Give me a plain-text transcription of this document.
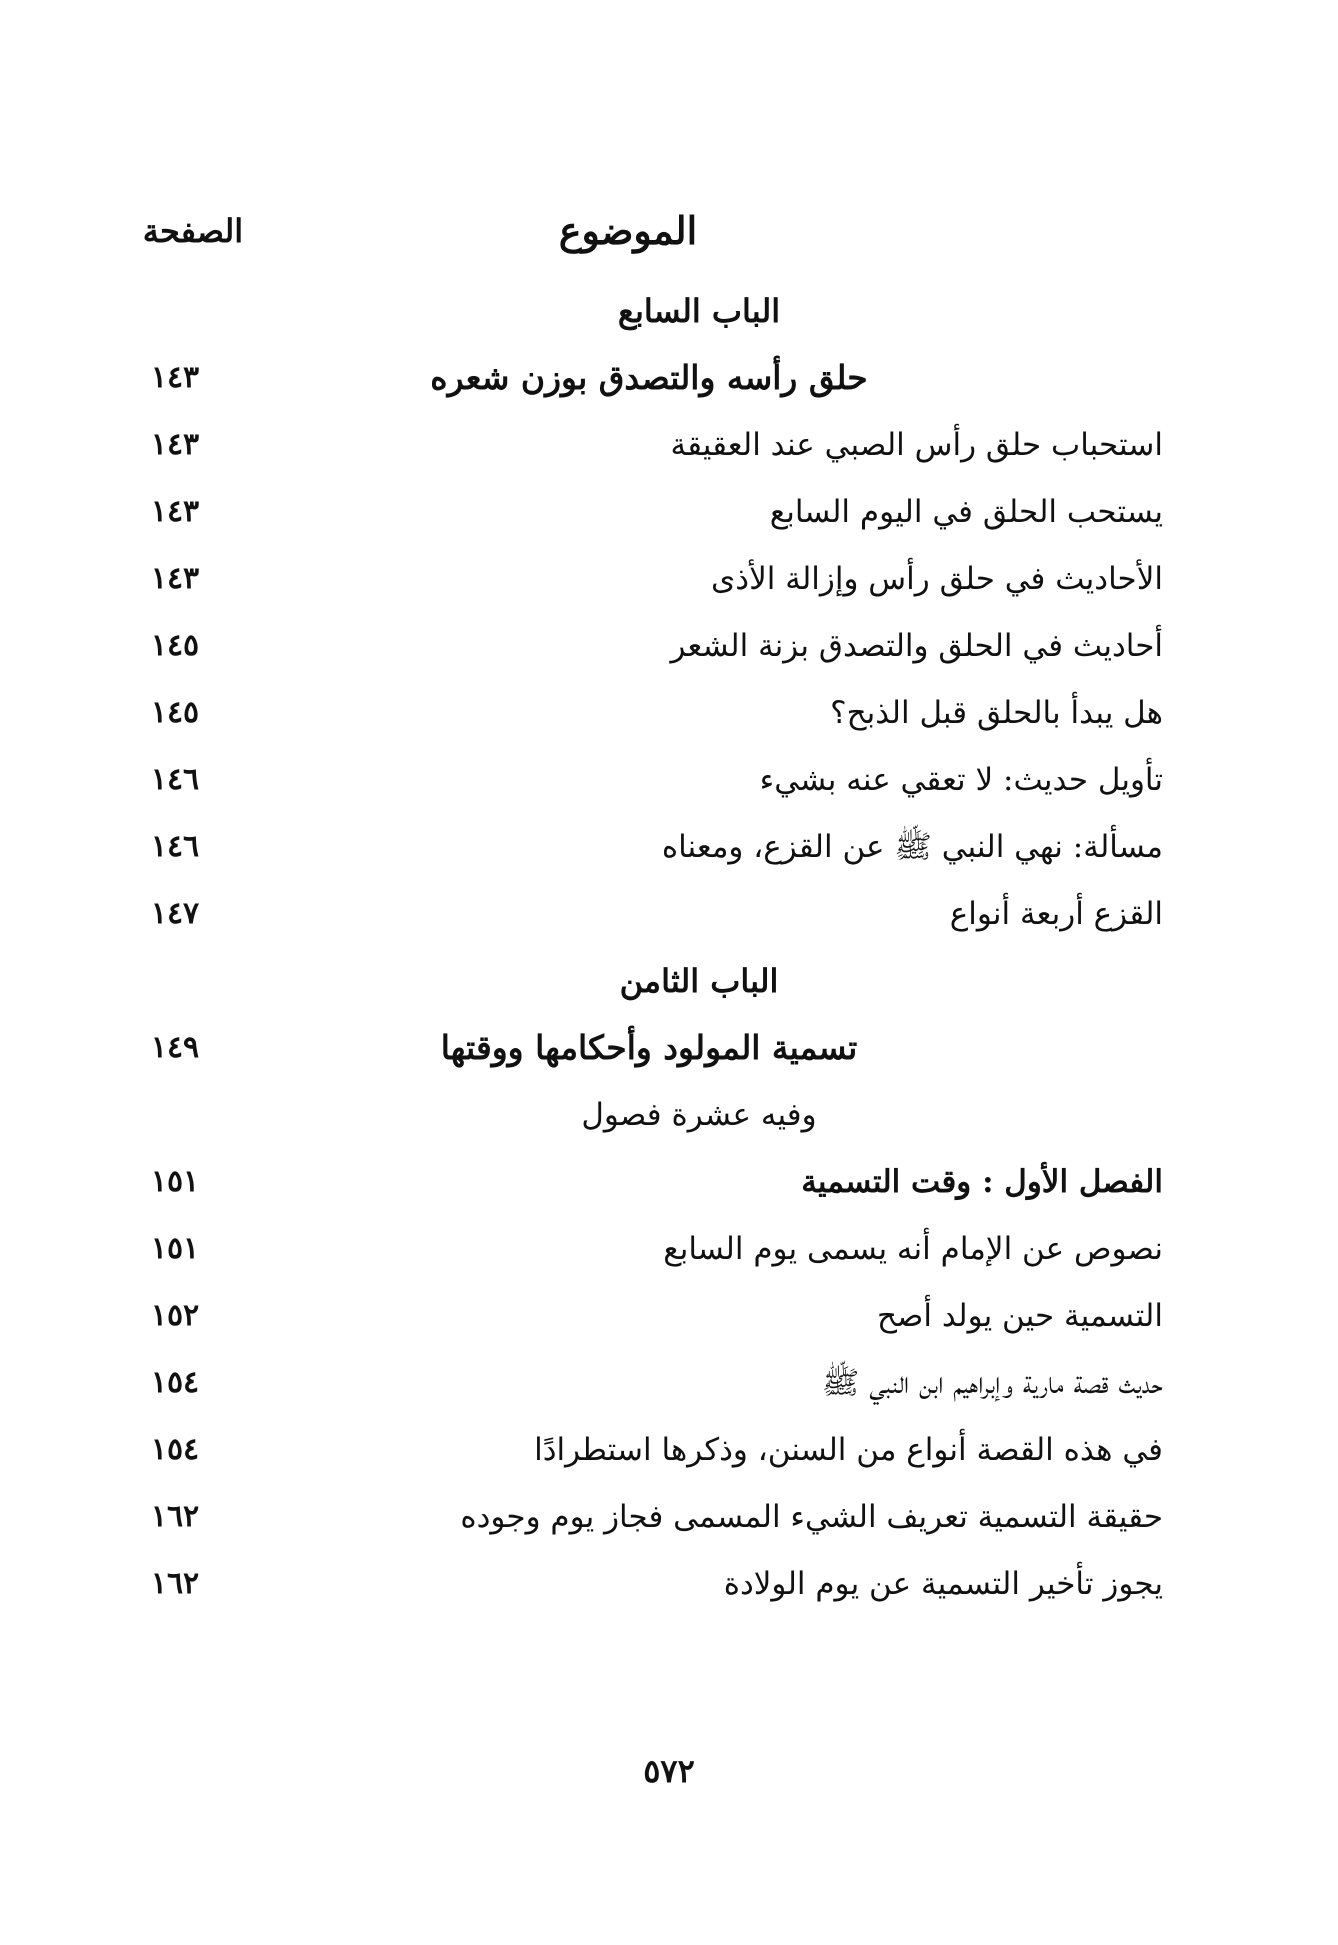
الموضوع
الصفحة
الباب السابع
حلق رأسه والتصدق بوزن شعره
١٤٣
استحباب حلق رأس الصبي عند العقيقة
١٤٣
يستحب الحلق في اليوم السابع
١٤٣
الأحاديث في حلق رأس وإزالة الأذى
١٤٣
أحاديث في الحلق والتصدق بزنة الشعر
١٤٥
هل يبدأ بالحلق قبل الذبح؟
١٤٥
تأويل حديث: لا تعقي عنه بشيء
١٤٦
مسألة: نهي النبي ﷺ عن القزع، ومعناه
١٤٦
القزع أربعة أنواع
١٤٧
الباب الثامن
تسمية المولود وأحكامها ووقتها
١٤٩
وفيه عشرة فصول
الفصل الأول : وقت التسمية
١٥١
نصوص عن الإمام أنه يسمى يوم السابع
١٥١
التسمية حين يولد أصح
١٥٢
حديث قصة مارية وإبراهيم ابن النبي ﷺ
١٥٤
في هذه القصة أنواع من السنن، وذكرها استطرادًا
١٥٤
حقيقة التسمية تعريف الشيء المسمى فجاز يوم وجوده
١٦٢
يجوز تأخير التسمية عن يوم الولادة
١٦٢
٥٧٢
